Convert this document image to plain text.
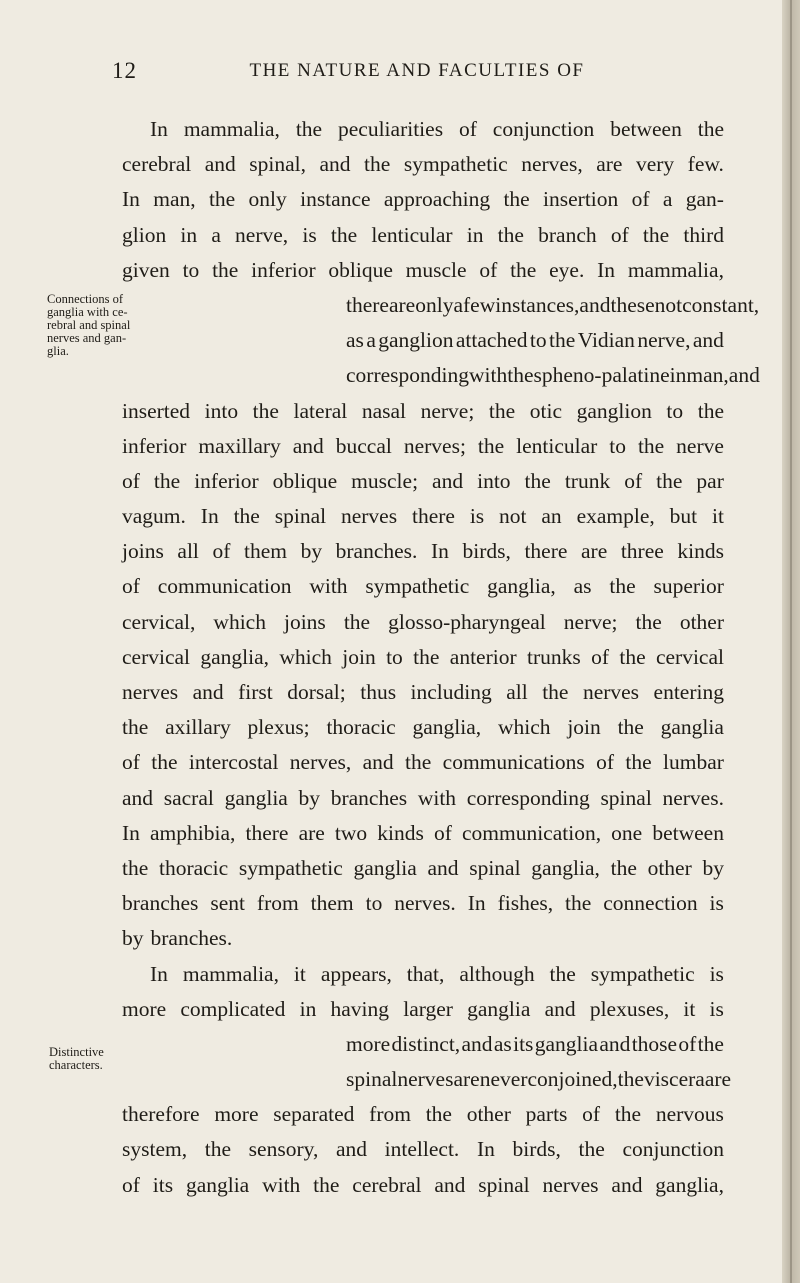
12	THE NATURE AND FACULTIES OF
Connections of
ganglia with ce-
rebral and spinal
nerves and gan-
glia.
Distinctive
characters.
In mammalia, the peculiarities of conjunction between the
cerebral and spinal, and the sympathetic nerves, are very few.
In man, the only instance approaching the insertion of a gan-
glion in a nerve, is the lenticular in the branch of the third
given to the inferior oblique muscle of the eye. In mammalia,
there are only a few instances, and these not constant,
as a ganglion attached to the Vidian nerve, and
corresponding with the spheno-palatine in man, and
inserted into the lateral nasal nerve; the otic ganglion to the
inferior maxillary and buccal nerves; the lenticular to the nerve
of the inferior oblique muscle; and into the trunk of the par
vagum. In the spinal nerves there is not an example, but it
joins all of them by branches. In birds, there are three kinds
of communication with sympathetic ganglia, as the superior
cervical, which joins the glosso-pharyngeal nerve; the other
cervical ganglia, which join to the anterior trunks of the cervical
nerves and first dorsal; thus including all the nerves entering
the axillary plexus; thoracic ganglia, which join the ganglia
of the intercostal nerves, and the communications of the lumbar
and sacral ganglia by branches with corresponding spinal nerves.
In amphibia, there are two kinds of communication, one between
the thoracic sympathetic ganglia and spinal ganglia, the other by
branches sent from them to nerves. In fishes, the connection is
by branches.
In mammalia, it appears, that, although the sympathetic is
more complicated in having larger ganglia and plexuses, it is
more distinct, and as its ganglia and those of the
spinal nerves are never conjoined, the viscera are
therefore more separated from the other parts of the nervous
system, the sensory, and intellect. In birds, the conjunction
of its ganglia with the cerebral and spinal nerves and ganglia,
